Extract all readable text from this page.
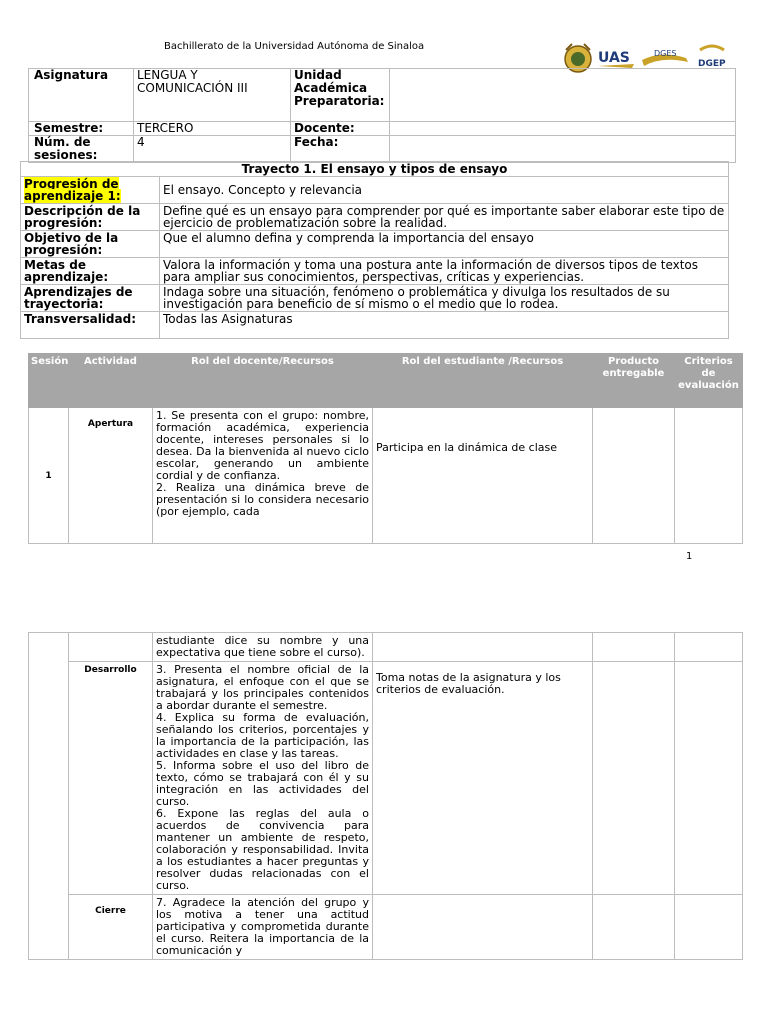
Bachillerato de la Universidad Autónoma de Sinaloa
UAS	DGES
DGEP
Asignatura	LENGUA Y COMUNICACIÓN III	Unidad Académica Preparatoria:	
Semestre:	TERCERO	Docente:	
Núm. de sesiones:	4	Fecha:	
Trayecto 1. El ensayo y tipos de ensayo	
Progresión de aprendizaje 1:	El ensayo. Concepto y relevancia
Descripción de la progresión:	Define qué es un ensayo para comprender por qué es importante saber elaborar este tipo de ejercicio de problematización sobre la realidad.
Objetivo de la progresión:	Que el alumno defina y comprenda la importancia del ensayo
Metas de aprendizaje:	Valora la información y toma una postura ante la información de diversos tipos de textos para ampliar sus conocimientos, perspectivas, críticas y experiencias.
Aprendizajes de trayectoria:	Indaga sobre una situación, fenómeno o problemática y divulga los resultados de su investigación para beneficio de sí mismo o el medio que lo rodea.
Transversalidad:	Todas las Asignaturas
Sesión	Actividad	Rol del docente/Recursos	Rol del estudiante /Recursos	Producto entregable	Criterios de evaluación
1	Apertura	1. Se presenta con el grupo: nombre, formación académica, experiencia docente, intereses personales si lo desea. Da la bienvenida al nuevo ciclo escolar, generando un ambiente cordial y de confianza.

2. Realiza una dinámica breve de presentación si lo considera necesario (por ejemplo, cada	Participa en la dinámica de clase		
1
		estudiante dice su nombre y una expectativa que tiene sobre el curso).			
	Desarrollo	3. Presenta el nombre oficial de la asignatura, el enfoque con el que se trabajará y los principales contenidos a abordar durante el semestre.

4. Explica su forma de evaluación, señalando los criterios, porcentajes y la importancia de la participación, las actividades en clase y las tareas.

5. Informa sobre el uso del libro de texto, cómo se trabajará con él y su integración en las actividades del curso.

6. Expone las reglas del aula o acuerdos de convivencia para mantener un ambiente de respeto, colaboración y responsabilidad. Invita a los estudiantes a hacer preguntas y resolver dudas relacionadas con el curso.	Toma notas de la asignatura y los criterios de evaluación.		
	Cierre	7. Agradece la atención del grupo y los motiva a tener una actitud participativa y comprometida durante el curso. Reitera la importancia de la comunicación y			
